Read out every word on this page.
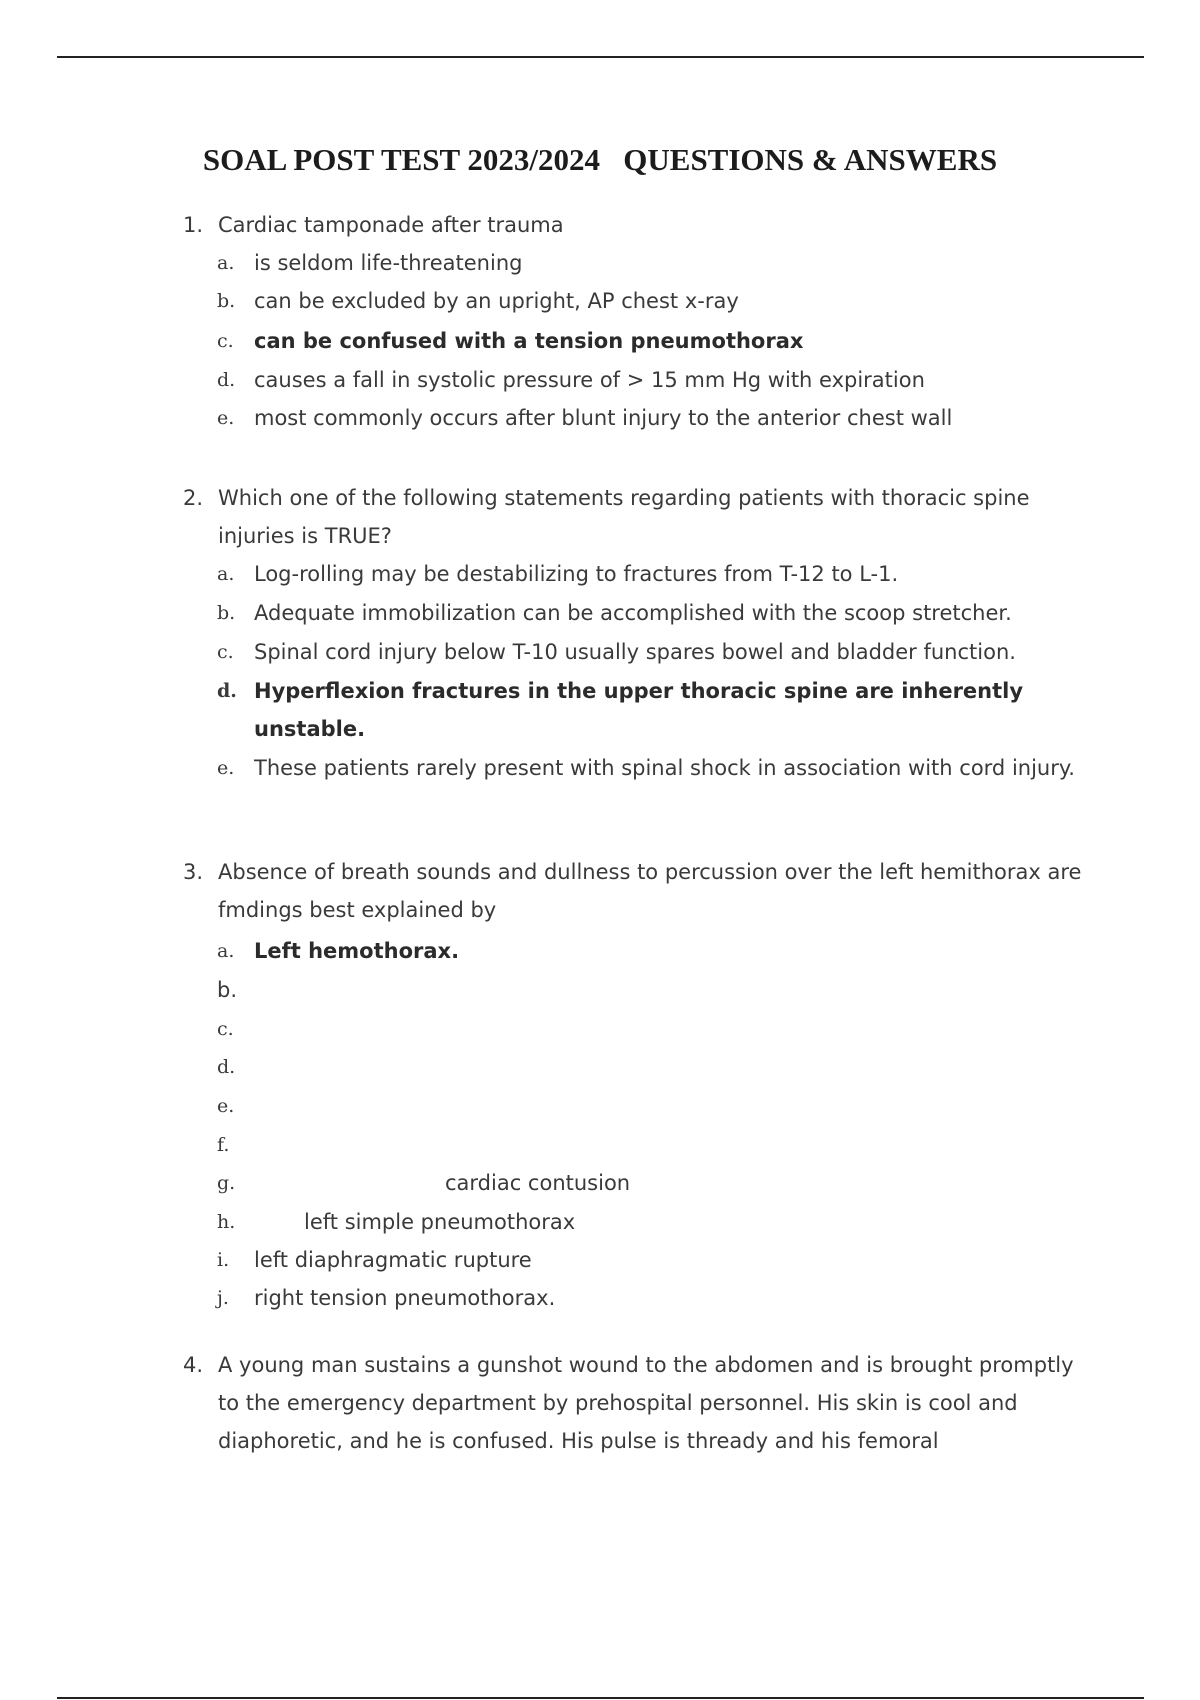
SOAL POST TEST 2023/2024   QUESTIONS & ANSWERS
1. Cardiac tamponade after trauma
a. is seldom life-threatening
b. can be excluded by an upright, AP chest x-ray
c. can be confused with a tension pneumothorax
d. causes a fall in systolic pressure of > 15 mm Hg with expiration
e. most commonly occurs after blunt injury to the anterior chest wall
2. Which one of the following statements regarding patients with thoracic spine injuries is TRUE?
a. Log-rolling may be destabilizing to fractures from T-12 to L-1.
b. Adequate immobilization can be accomplished with the scoop stretcher.
c. Spinal cord injury below T-10 usually spares bowel and bladder function.
d. Hyperflexion fractures in the upper thoracic spine are inherently unstable.
e. These patients rarely present with spinal shock in association with cord injury.
3. Absence of breath sounds and dullness to percussion over the left hemithorax are fmdings best explained by
a. Left hemothorax.
b.
c.
d.
e.
f.
g.	cardiac contusion
h.	left simple pneumothorax
i. left diaphragmatic rupture
j. right tension pneumothorax.
4. A young man sustains a gunshot wound to the abdomen and is brought promptly to the emergency department by prehospital personnel. His skin is cool and diaphoretic, and he is confused. His pulse is thready and his femoral
